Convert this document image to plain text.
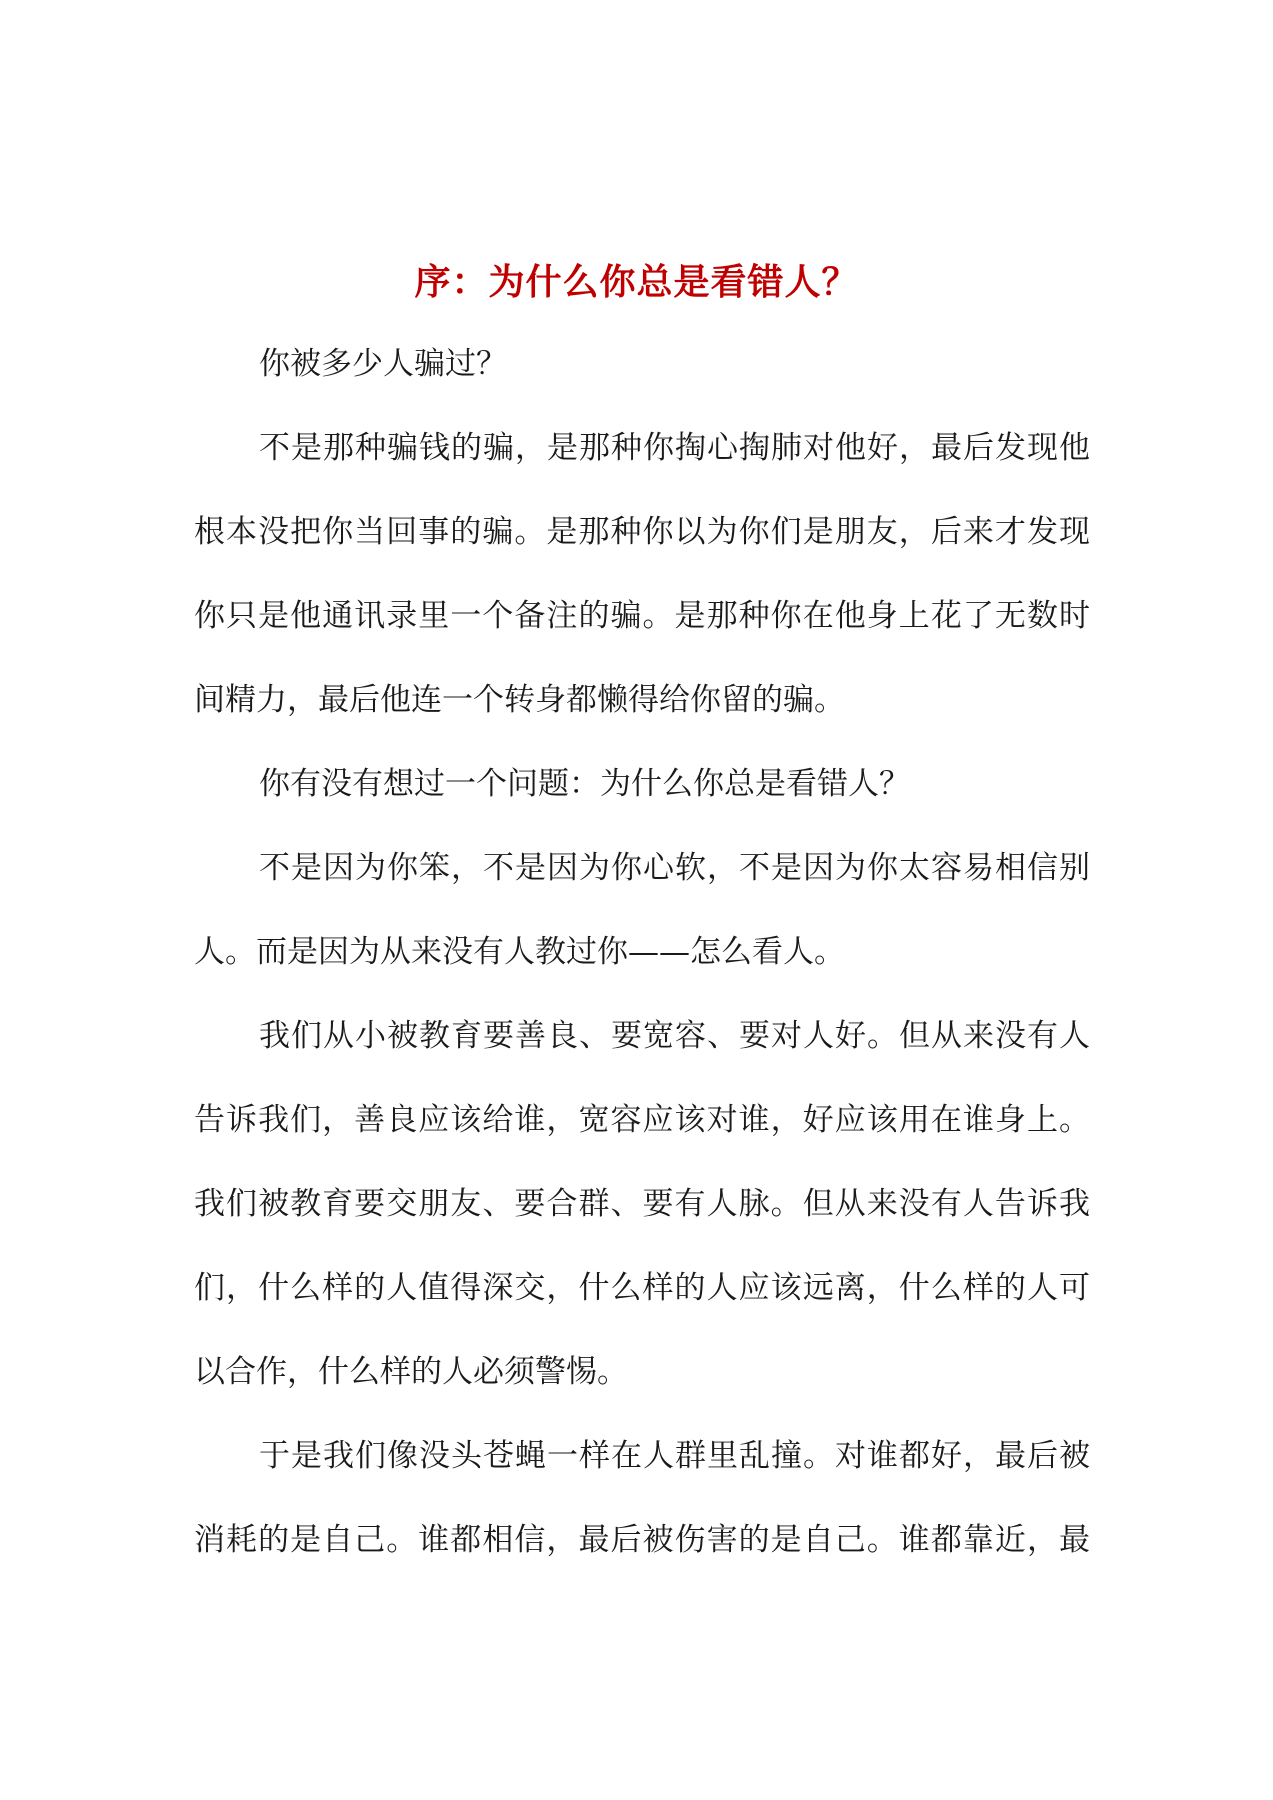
序：为什么你总是看错人？

你被多少人骗过？

不是那种骗钱的骗，是那种你掏心掏肺对他好，最后发现他

根本没把你当回事的骗。是那种你以为你们是朋友，后来才发现

你只是他通讯录里一个备注的骗。是那种你在他身上花了无数时

间精力，最后他连一个转身都懒得给你留的骗。

你有没有想过一个问题：为什么你总是看错人？

不是因为你笨，不是因为你心软，不是因为你太容易相信别

人。而是因为从来没有人教过你——怎么看人。

我们从小被教育要善良、要宽容、要对人好。但从来没有人

告诉我们，善良应该给谁，宽容应该对谁，好应该用在谁身上。

我们被教育要交朋友、要合群、要有人脉。但从来没有人告诉我

们，什么样的人值得深交，什么样的人应该远离，什么样的人可

以合作，什么样的人必须警惕。

于是我们像没头苍蝇一样在人群里乱撞。对谁都好，最后被

消耗的是自己。谁都相信，最后被伤害的是自己。谁都靠近，最
